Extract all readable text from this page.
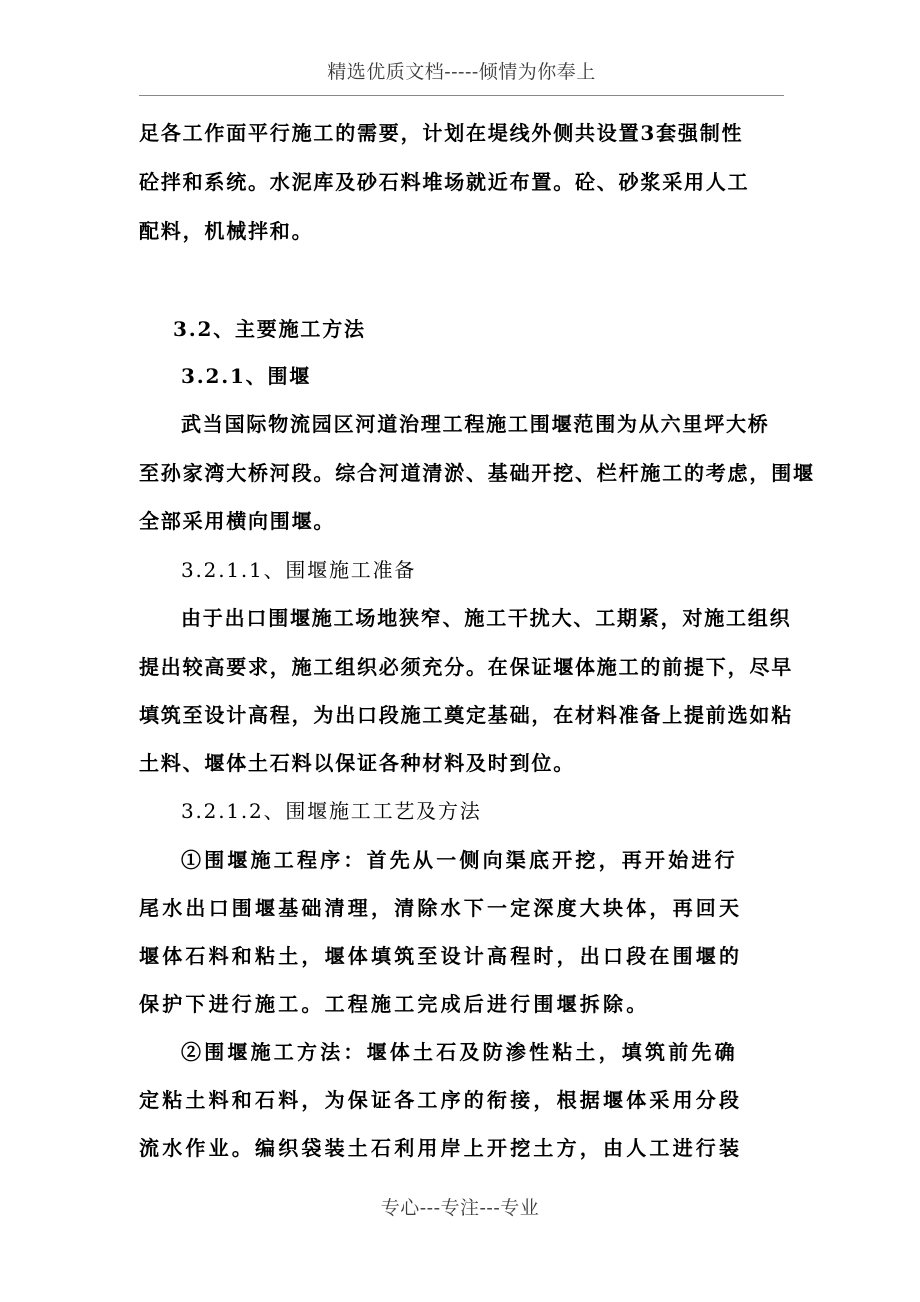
精选优质文档-----倾情为你奉上
足各工作面平行施工的需要，计划在堤线外侧共设置3套强制性
砼拌和系统。水泥库及砂石料堆场就近布置。砼、砂浆采用人工
配料，机械拌和。
3.2、主要施工方法
3.2.1、围堰
武当国际物流园区河道治理工程施工围堰范围为从六里坪大桥
至孙家湾大桥河段。综合河道清淤、基础开挖、栏杆施工的考虑，围堰
全部采用横向围堰。
3.2.1.1、围堰施工准备
由于出口围堰施工场地狭窄、施工干扰大、工期紧，对施工组织
提出较高要求，施工组织必须充分。在保证堰体施工的前提下，尽早
填筑至设计高程，为出口段施工奠定基础，在材料准备上提前选如粘
土料、堰体土石料以保证各种材料及时到位。
3.2.1.2、围堰施工工艺及方法
①围堰施工程序：首先从一侧向渠底开挖，再开始进行
尾水出口围堰基础清理，清除水下一定深度大块体，再回天
堰体石料和粘土，堰体填筑至设计高程时，出口段在围堰的
保护下进行施工。工程施工完成后进行围堰拆除。
②围堰施工方法：堰体土石及防渗性粘土，填筑前先确
定粘土料和石料，为保证各工序的衔接，根据堰体采用分段
流水作业。编织袋装土石利用岸上开挖土方，由人工进行装
专心---专注---专业
